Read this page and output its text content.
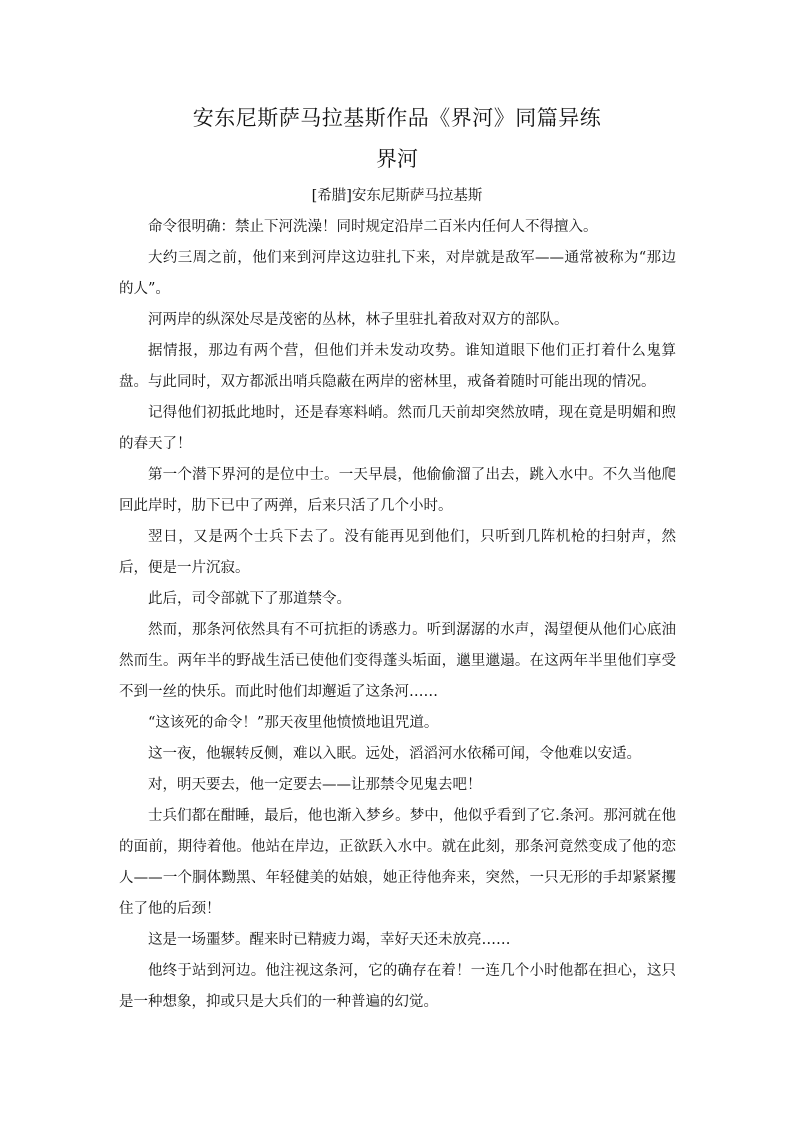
安东尼斯萨马拉基斯作品《界河》同篇异练
界河
[希腊]安东尼斯萨马拉基斯

命令很明确：禁止下河洗澡！同时规定沿岸二百米内任何人不得擅入。

大约三周之前，他们来到河岸这边驻扎下来，对岸就是敌军——通常被称为“那边的人”。

河两岸的纵深处尽是茂密的丛林，林子里驻扎着敌对双方的部队。

据情报，那边有两个营，但他们并未发动攻势。谁知道眼下他们正打着什么鬼算盘。与此同时，双方都派出哨兵隐蔽在两岸的密林里，戒备着随时可能出现的情况。

记得他们初抵此地时，还是春寒料峭。然而几天前却突然放晴，现在竟是明媚和煦的春天了！

第一个潜下界河的是位中士。一天早晨，他偷偷溜了出去，跳入水中。不久当他爬回此岸时，肋下已中了两弹，后来只活了几个小时。

翌日，又是两个士兵下去了。没有能再见到他们，只听到几阵机枪的扫射声，然后，便是一片沉寂。

此后，司令部就下了那道禁令。

然而，那条河依然具有不可抗拒的诱惑力。听到潺潺的水声，渴望便从他们心底油然而生。两年半的野战生活已使他们变得蓬头垢面，邋里邋遢。在这两年半里他们享受不到一丝的快乐。而此时他们却邂逅了这条河……

“这该死的命令！”那天夜里他愤愤地诅咒道。

这一夜，他辗转反侧，难以入眠。远处，滔滔河水依稀可闻，令他难以安适。

对，明天要去，他一定要去——让那禁令见鬼去吧！

士兵们都在酣睡，最后，他也渐入梦乡。梦中，他似乎看到了它.条河。那河就在他的面前，期待着他。他站在岸边，正欲跃入水中。就在此刻，那条河竟然变成了他的恋人——一个胴体黝黑、年轻健美的姑娘，她正待他奔来，突然，一只无形的手却紧紧攫住了他的后颈！

这是一场噩梦。醒来时已精疲力竭，幸好天还未放亮……

他终于站到河边。他注视这条河，它的确存在着！一连几个小时他都在担心，这只是一种想象，抑或只是大兵们的一种普遍的幻觉。
